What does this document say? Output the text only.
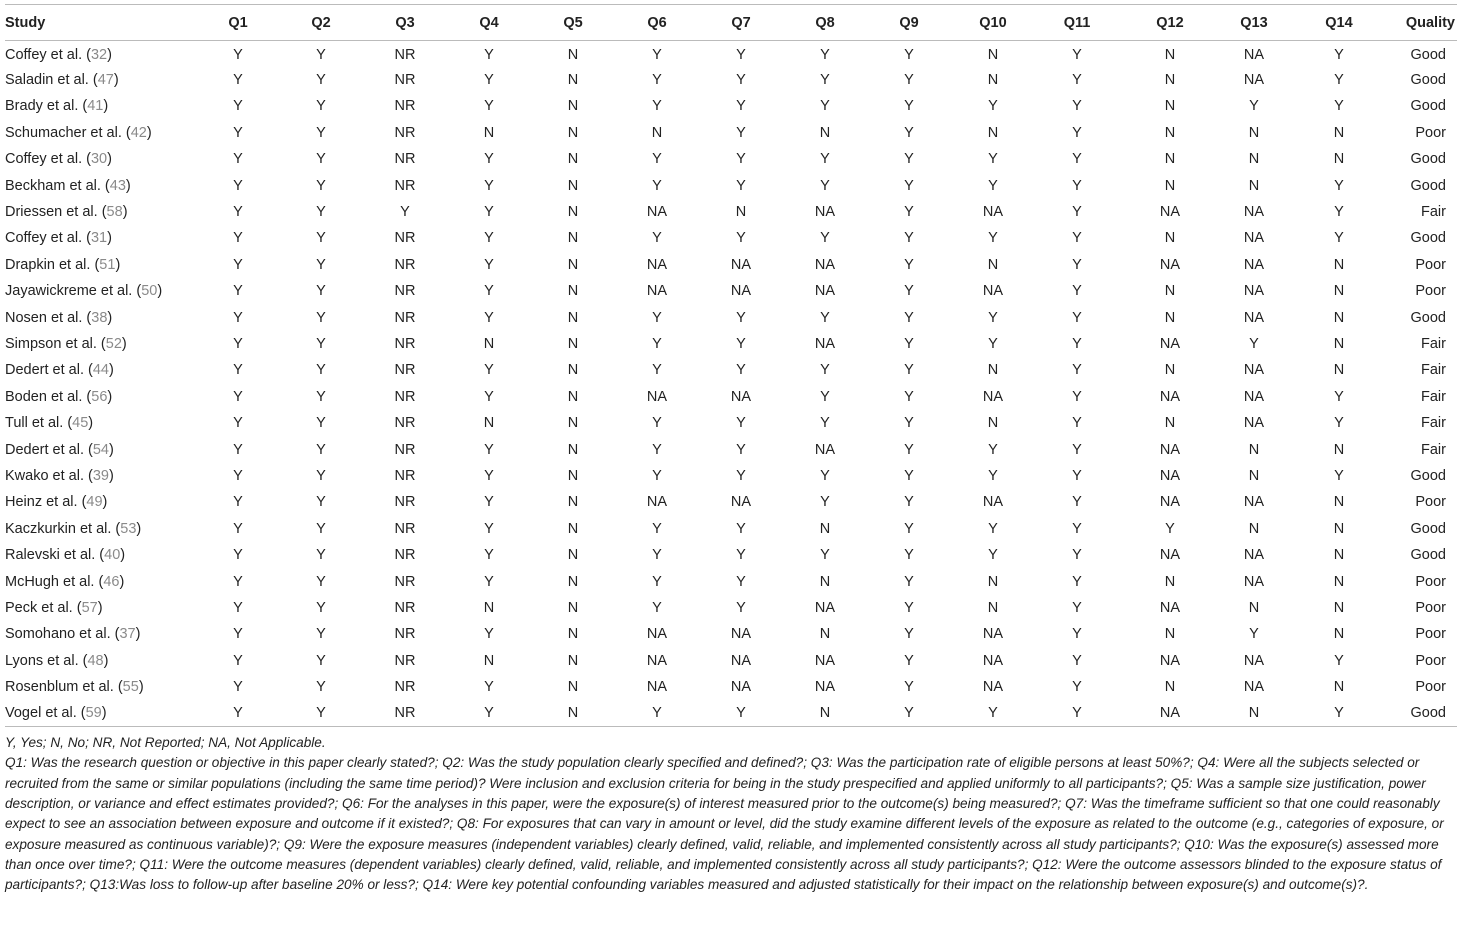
Study	Q1	Q2	Q3	Q4	Q5	Q6	Q7	Q8	Q9	Q10	Q11	Q12	Q13	Q14	Quality
Coffey et al. (32)	Y	Y	NR	Y	N	Y	Y	Y	Y	N	Y	N	NA	Y	Good
Saladin et al. (47)	Y	Y	NR	Y	N	Y	Y	Y	Y	N	Y	N	NA	Y	Good
Brady et al. (41)	Y	Y	NR	Y	N	Y	Y	Y	Y	Y	Y	N	Y	Y	Good
Schumacher et al. (42)	Y	Y	NR	N	N	N	Y	N	Y	N	Y	N	N	N	Poor
Coffey et al. (30)	Y	Y	NR	Y	N	Y	Y	Y	Y	Y	Y	N	N	N	Good
Beckham et al. (43)	Y	Y	NR	Y	N	Y	Y	Y	Y	Y	Y	N	N	Y	Good
Driessen et al. (58)	Y	Y	Y	Y	N	NA	N	NA	Y	NA	Y	NA	NA	Y	Fair
Coffey et al. (31)	Y	Y	NR	Y	N	Y	Y	Y	Y	Y	Y	N	NA	Y	Good
Drapkin et al. (51)	Y	Y	NR	Y	N	NA	NA	NA	Y	N	Y	NA	NA	N	Poor
Jayawickreme et al. (50)	Y	Y	NR	Y	N	NA	NA	NA	Y	NA	Y	N	NA	N	Poor
Nosen et al. (38)	Y	Y	NR	Y	N	Y	Y	Y	Y	Y	Y	N	NA	N	Good
Simpson et al. (52)	Y	Y	NR	N	N	Y	Y	NA	Y	Y	Y	NA	Y	N	Fair
Dedert et al. (44)	Y	Y	NR	Y	N	Y	Y	Y	Y	N	Y	N	NA	N	Fair
Boden et al. (56)	Y	Y	NR	Y	N	NA	NA	Y	Y	NA	Y	NA	NA	Y	Fair
Tull et al. (45)	Y	Y	NR	N	N	Y	Y	Y	Y	N	Y	N	NA	Y	Fair
Dedert et al. (54)	Y	Y	NR	Y	N	Y	Y	NA	Y	Y	Y	NA	N	N	Fair
Kwako et al. (39)	Y	Y	NR	Y	N	Y	Y	Y	Y	Y	Y	NA	N	Y	Good
Heinz et al. (49)	Y	Y	NR	Y	N	NA	NA	Y	Y	NA	Y	NA	NA	N	Poor
Kaczkurkin et al. (53)	Y	Y	NR	Y	N	Y	Y	N	Y	Y	Y	Y	N	N	Good
Ralevski et al. (40)	Y	Y	NR	Y	N	Y	Y	Y	Y	Y	Y	NA	NA	N	Good
McHugh et al. (46)	Y	Y	NR	Y	N	Y	Y	N	Y	N	Y	N	NA	N	Poor
Peck et al. (57)	Y	Y	NR	N	N	Y	Y	NA	Y	N	Y	NA	N	N	Poor
Somohano et al. (37)	Y	Y	NR	Y	N	NA	NA	N	Y	NA	Y	N	Y	N	Poor
Lyons et al. (48)	Y	Y	NR	N	N	NA	NA	NA	Y	NA	Y	NA	NA	Y	Poor
Rosenblum et al. (55)	Y	Y	NR	Y	N	NA	NA	NA	Y	NA	Y	N	NA	N	Poor
Vogel et al. (59)	Y	Y	NR	Y	N	Y	Y	N	Y	Y	Y	NA	N	Y	Good

Y, Yes; N, No; NR, Not Reported; NA, Not Applicable.

Q1: Was the research question or objective in this paper clearly stated?; Q2: Was the study population clearly specified and defined?; Q3: Was the participation rate of eligible persons at least 50%?; Q4: Were all the subjects selected or recruited from the same or similar populations (including the same time period)? Were inclusion and exclusion criteria for being in the study prespecified and applied uniformly to all participants?; Q5: Was a sample size justification, power description, or variance and effect estimates provided?; Q6: For the analyses in this paper, were the exposure(s) of interest measured prior to the outcome(s) being measured?; Q7: Was the timeframe sufficient so that one could reasonably expect to see an association between exposure and outcome if it existed?; Q8: For exposures that can vary in amount or level, did the study examine different levels of the exposure as related to the outcome (e.g., categories of exposure, or exposure measured as continuous variable)?; Q9: Were the exposure measures (independent variables) clearly defined, valid, reliable, and implemented consistently across all study participants?; Q10: Was the exposure(s) assessed more than once over time?; Q11: Were the outcome measures (dependent variables) clearly defined, valid, reliable, and implemented consistently across all study participants?; Q12: Were the outcome assessors blinded to the exposure status of participants?; Q13:Was loss to follow-up after baseline 20% or less?; Q14: Were key potential confounding variables measured and adjusted statistically for their impact on the relationship between exposure(s) and outcome(s)?.
